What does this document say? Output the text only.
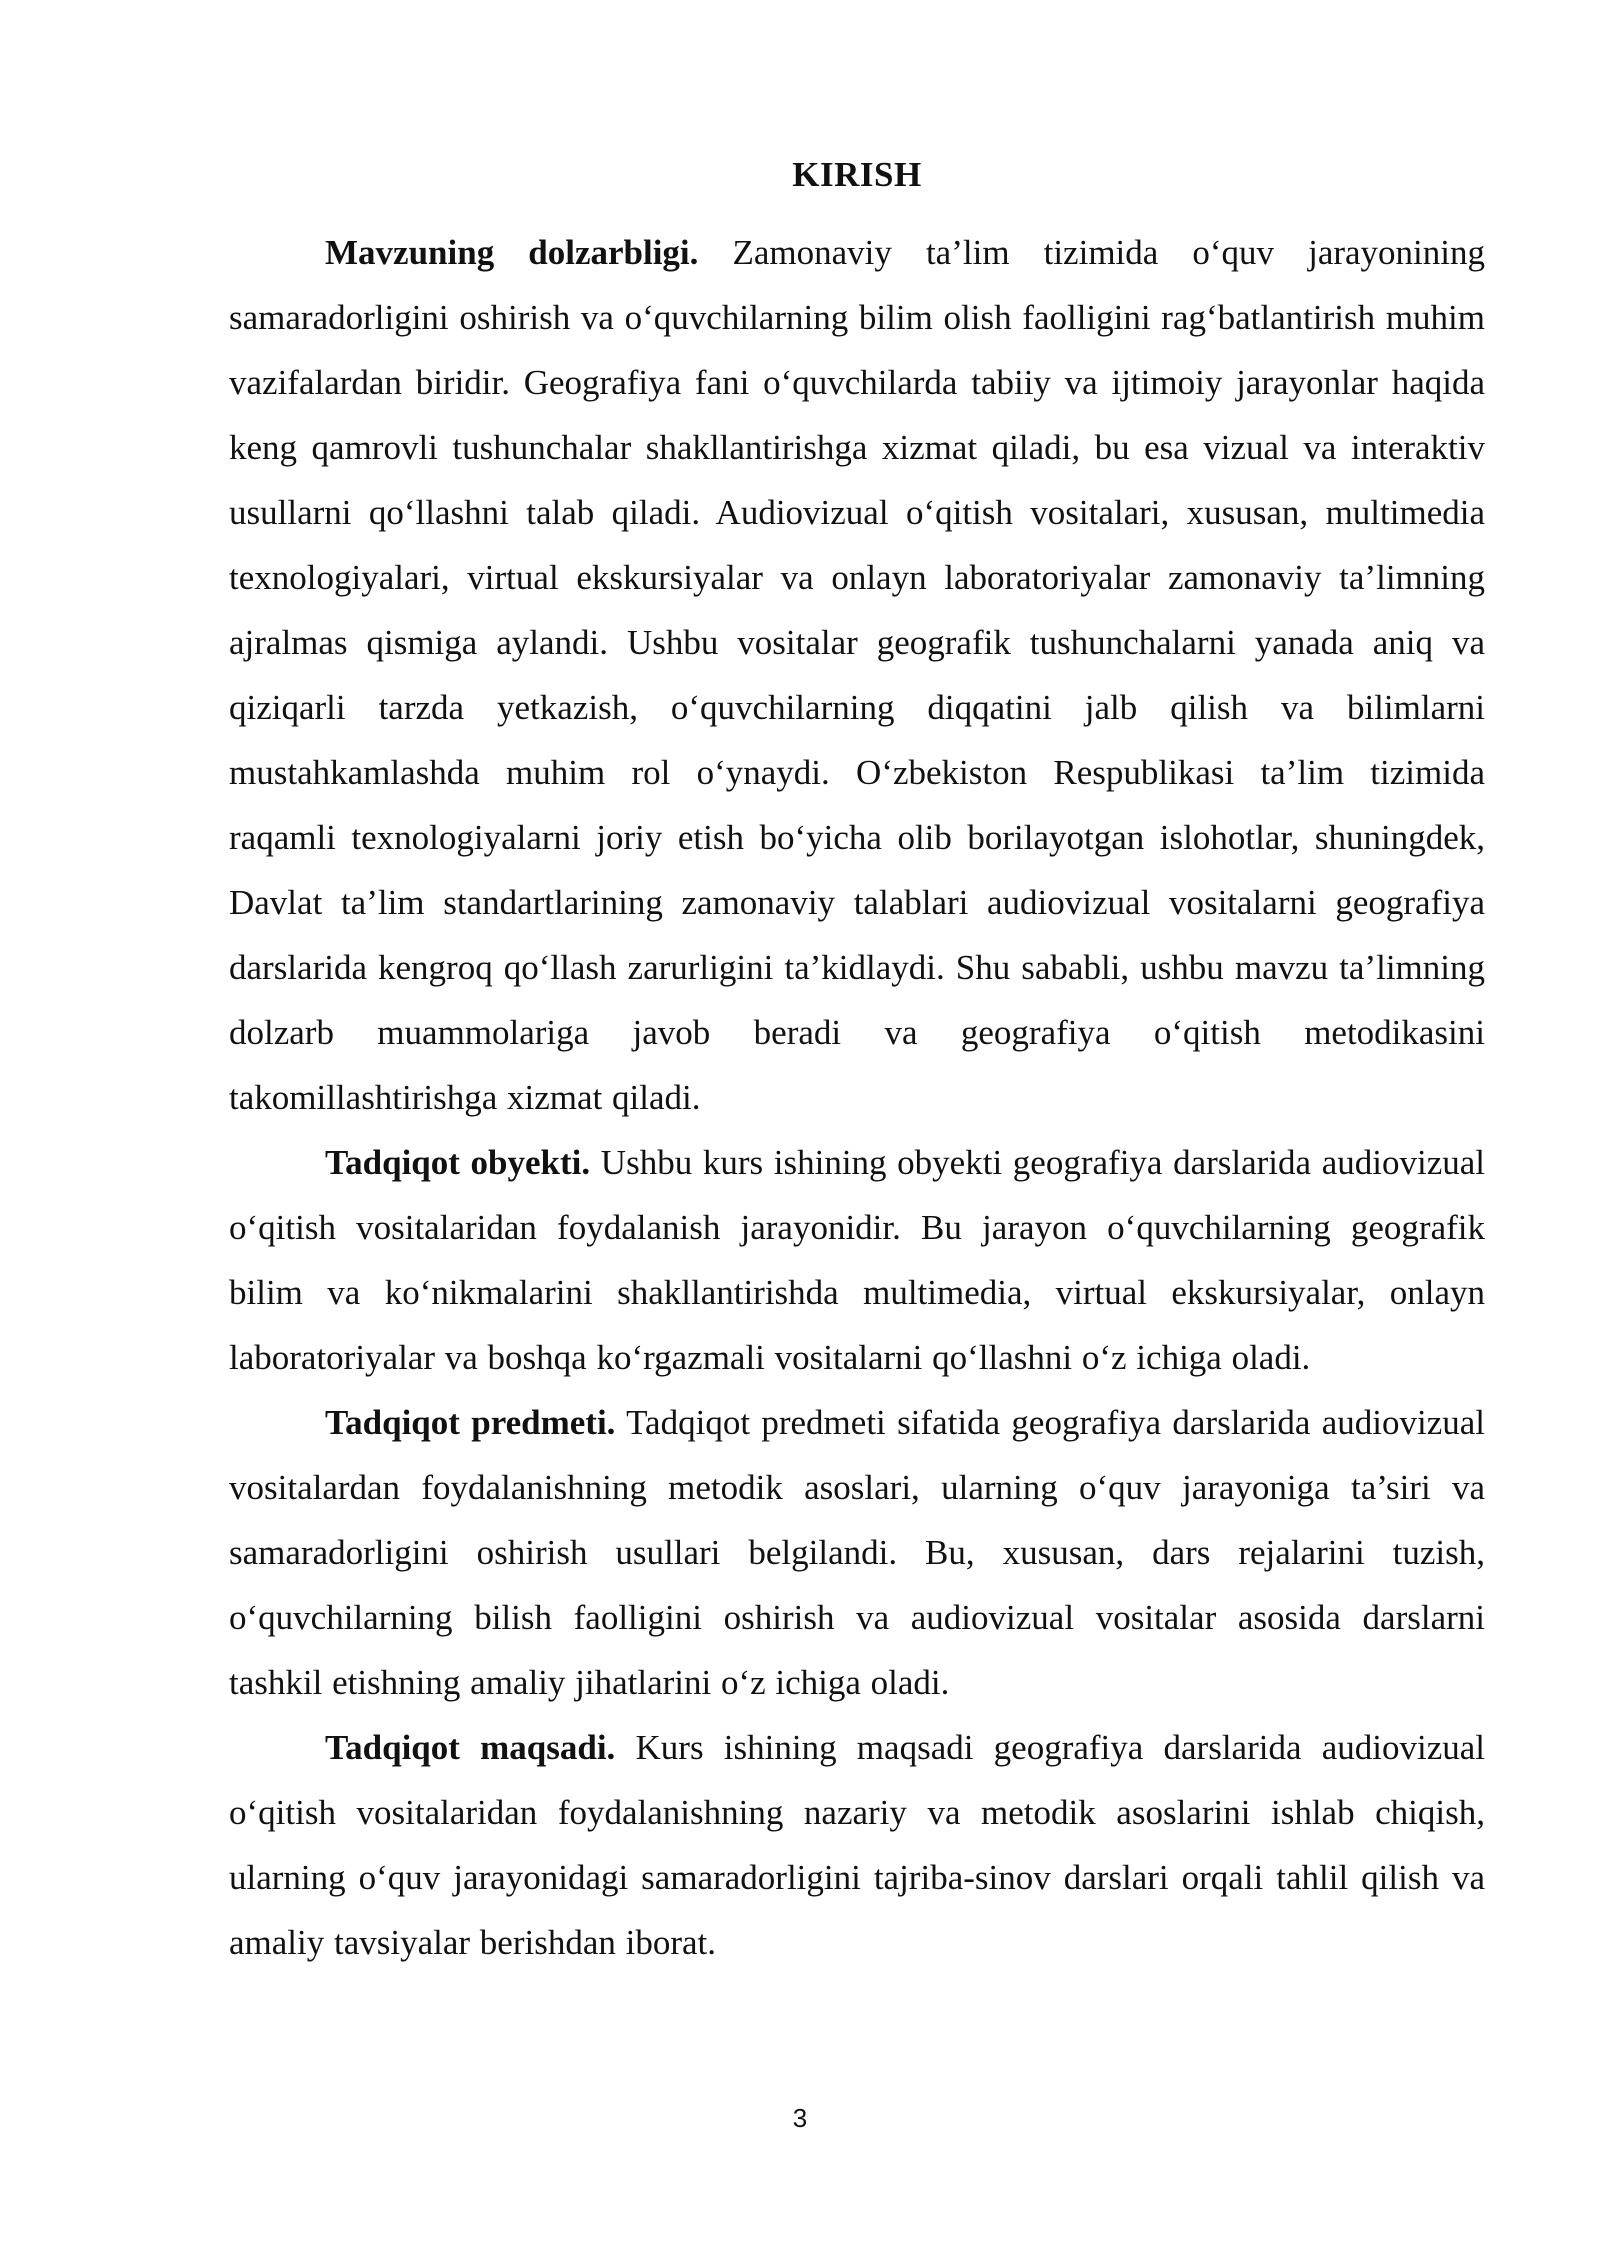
KIRISH

Mavzuning dolzarbligi. Zamonaviy ta’lim tizimida o‘quv jarayonining samaradorligini oshirish va o‘quvchilarning bilim olish faolligini rag‘batlantirish muhim vazifalardan biridir. Geografiya fani o‘quvchilarda tabiiy va ijtimoiy jarayonlar haqida keng qamrovli tushunchalar shakllantirishga xizmat qiladi, bu esa vizual va interaktiv usullarni qo‘llashni talab qiladi. Audiovizual o‘qitish vositalari, xususan, multimedia texnologiyalari, virtual ekskursiyalar va onlayn laboratoriyalar zamonaviy ta’limning ajralmas qismiga aylandi. Ushbu vositalar geografik tushunchalarni yanada aniq va qiziqarli tarzda yetkazish, o‘quvchilarning diqqatini jalb qilish va bilimlarni mustahkamlashda muhim rol o‘ynaydi. O‘zbekiston Respublikasi ta’lim tizimida raqamli texnologiyalarni joriy etish bo‘yicha olib borilayotgan islohotlar, shuningdek, Davlat ta’lim standartlarining zamonaviy talablari audiovizual vositalarni geografiya darslarida kengroq qo‘llash zarurligini ta’kidlaydi. Shu sababli, ushbu mavzu ta’limning dolzarb muammolariga javob beradi va geografiya o‘qitish metodikasini takomillashtirishga xizmat qiladi.

Tadqiqot obyekti. Ushbu kurs ishining obyekti geografiya darslarida audiovizual o‘qitish vositalaridan foydalanish jarayonidir. Bu jarayon o‘quvchilarning geografik bilim va ko‘nikmalarini shakllantirishda multimedia, virtual ekskursiyalar, onlayn laboratoriyalar va boshqa ko‘rgazmali vositalarni qo‘llashni o‘z ichiga oladi.

Tadqiqot predmeti. Tadqiqot predmeti sifatida geografiya darslarida audiovizual vositalardan foydalanishning metodik asoslari, ularning o‘quv jarayoniga ta’siri va samaradorligini oshirish usullari belgilandi. Bu, xususan, dars rejalarini tuzish, o‘quvchilarning bilish faolligini oshirish va audiovizual vositalar asosida darslarni tashkil etishning amaliy jihatlarini o‘z ichiga oladi.

Tadqiqot maqsadi. Kurs ishining maqsadi geografiya darslarida audiovizual o‘qitish vositalaridan foydalanishning nazariy va metodik asoslarini ishlab chiqish, ularning o‘quv jarayonidagi samaradorligini tajriba-sinov darslari orqali tahlil qilish va amaliy tavsiyalar berishdan iborat.

3
